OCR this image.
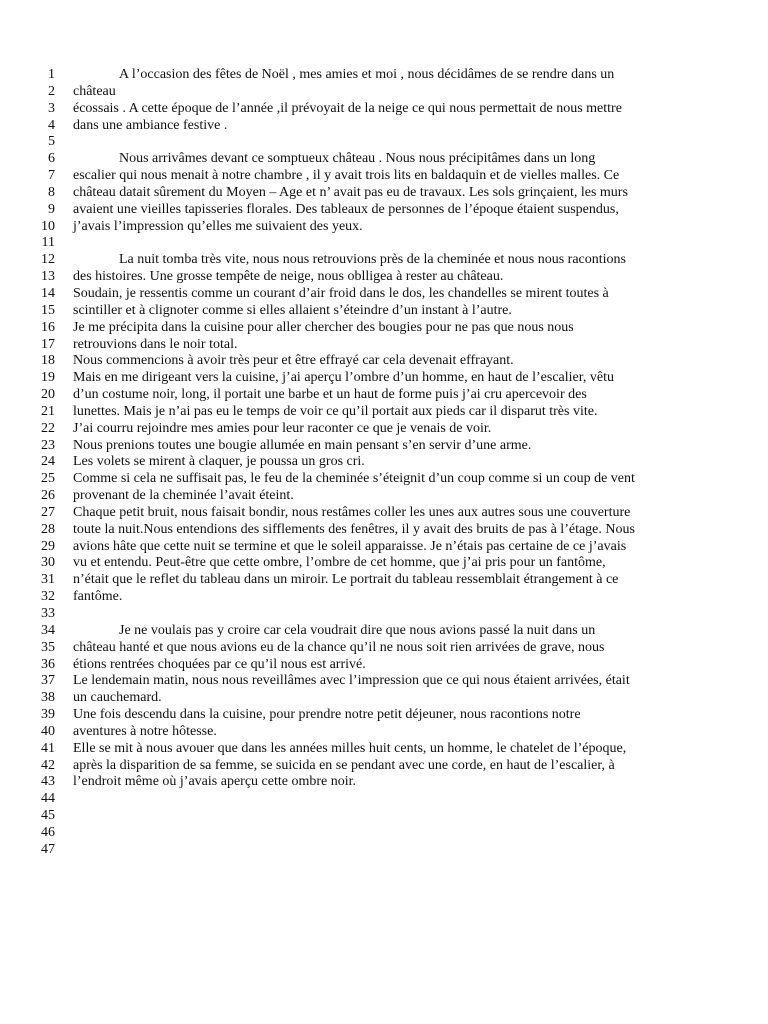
1	A l’occasion des fêtes de Noël , mes amies et moi , nous décidâmes de se rendre dans un
2 château
3 écossais . A cette époque de l’année ,il prévoyait de la neige ce qui nous permettait de nous mettre
4 dans une ambiance festive .
5
6	Nous arrivâmes devant ce somptueux château . Nous nous précipitâmes dans un long
7 escalier qui nous menait à notre chambre , il y avait trois lits en baldaquin et de vielles malles. Ce
8 château datait sûrement du Moyen – Age et n’ avait pas eu de travaux. Les sols grinçaient, les murs
9 avaient une vieilles tapisseries florales. Des tableaux de personnes de l’époque étaient suspendus,
10 j’avais l’impression qu’elles me suivaient des yeux.
11
12	La nuit tomba très vite, nous nous retrouvions près de la cheminée et nous nous racontions
13 des histoires. Une grosse tempête de neige, nous oblligea à rester au château.
14 Soudain, je ressentis comme un courant d’air froid dans le dos, les chandelles se mirent toutes à
15 scintiller et à clignoter comme si elles allaient s’éteindre d’un instant à l’autre.
16 Je me précipita dans la cuisine pour aller chercher des bougies pour ne pas que nous nous
17 retrouvions dans le noir total.
18 Nous commencions à avoir très peur et être effrayé car cela devenait effrayant.
19 Mais en me dirigeant vers la cuisine, j’ai aperçu l’ombre d’un homme, en haut de l’escalier, vêtu
20 d’un costume noir, long, il portait une barbe et un haut de forme puis j’ai cru apercevoir des
21 lunettes. Mais je n’ai pas eu le temps de voir ce qu’il portait aux pieds car il disparut très vite.
22 J’ai courru rejoindre mes amies pour leur raconter ce que je venais de voir.
23 Nous prenions toutes une bougie allumée en main pensant s’en servir d’une arme.
24 Les volets se mirent à claquer, je poussa un gros cri.
25 Comme si cela ne suffisait pas, le feu de la cheminée s’éteignit d’un coup comme si un coup de vent
26 provenant de la cheminée l’avait éteint.
27 Chaque petit bruit, nous faisait bondir, nous restâmes coller les unes aux autres sous une couverture
28 toute la nuit.Nous entendions des sifflements des fenêtres, il y avait des bruits de pas à l’étage. Nous
29 avions hâte que cette nuit se termine et que le soleil apparaisse. Je n’étais pas certaine de ce j’avais
30 vu et entendu. Peut-être que cette ombre, l’ombre de cet homme, que j’ai pris pour un fantôme,
31 n’était que le reflet du tableau dans un miroir. Le portrait du tableau ressemblait étrangement à ce
32 fantôme.
33
34	Je ne voulais pas y croire car cela voudrait dire que nous avions passé la nuit dans un
35 château hanté et que nous avions eu de la chance qu’il ne nous soit rien arrivées de grave, nous
36 étions rentrées choquées par ce qu’il nous est arrivé.
37 Le lendemain matin, nous nous reveillâmes avec l’impression que ce qui nous étaient arrivées, était
38 un cauchemard.
39 Une fois descendu dans la cuisine, pour prendre notre petit déjeuner, nous racontions notre
40 aventures à notre hôtesse.
41 Elle se mit à nous avouer que dans les années milles huit cents, un homme, le chatelet de l’époque,
42 après la disparition de sa femme, se suicida en se pendant avec une corde, en haut de l’escalier, à
43 l’endroit même où j’avais aperçu cette ombre noir.
44
45
46
47
